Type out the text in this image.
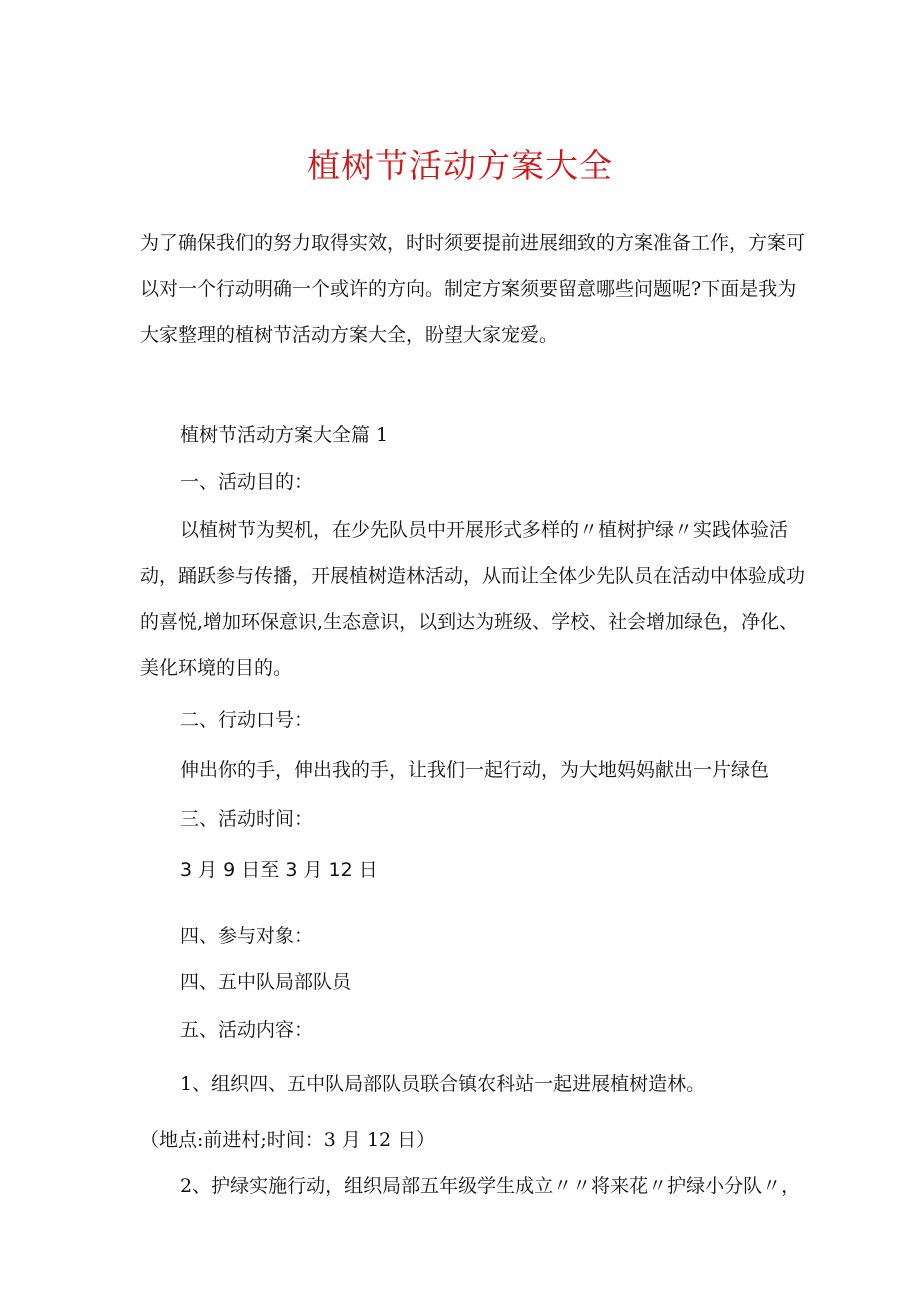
植树节活动方案大全

为了确保我们的努力取得实效，时时须要提前进展细致的方案准备工作，方案可以对一个行动明确一个或许的方向。制定方案须要留意哪些问题呢?下面是我为大家整理的植树节活动方案大全，盼望大家宠爱。

植树节活动方案大全篇 1

一、活动目的：

以植树节为契机，在少先队员中开展形式多样的〃植树护绿〃实践体验活动，踊跃参与传播，开展植树造林活动，从而让全体少先队员在活动中体验成功的喜悦,增加环保意识,生态意识，以到达为班级、学校、社会增加绿色，净化、美化环境的目的。

二、行动口号：

伸出你的手，伸出我的手，让我们一起行动，为大地妈妈献出一片绿色

三、活动时间：

3 月 9 日至 3 月 12 日

四、参与对象：

四、五中队局部队员

五、活动内容：

1、组织四、五中队局部队员联合镇农科站一起进展植树造林。

（地点:前进村;时间：3 月 12 日）

2、护绿实施行动，组织局部五年级学生成立〃〃将来花〃护绿小分队〃，
